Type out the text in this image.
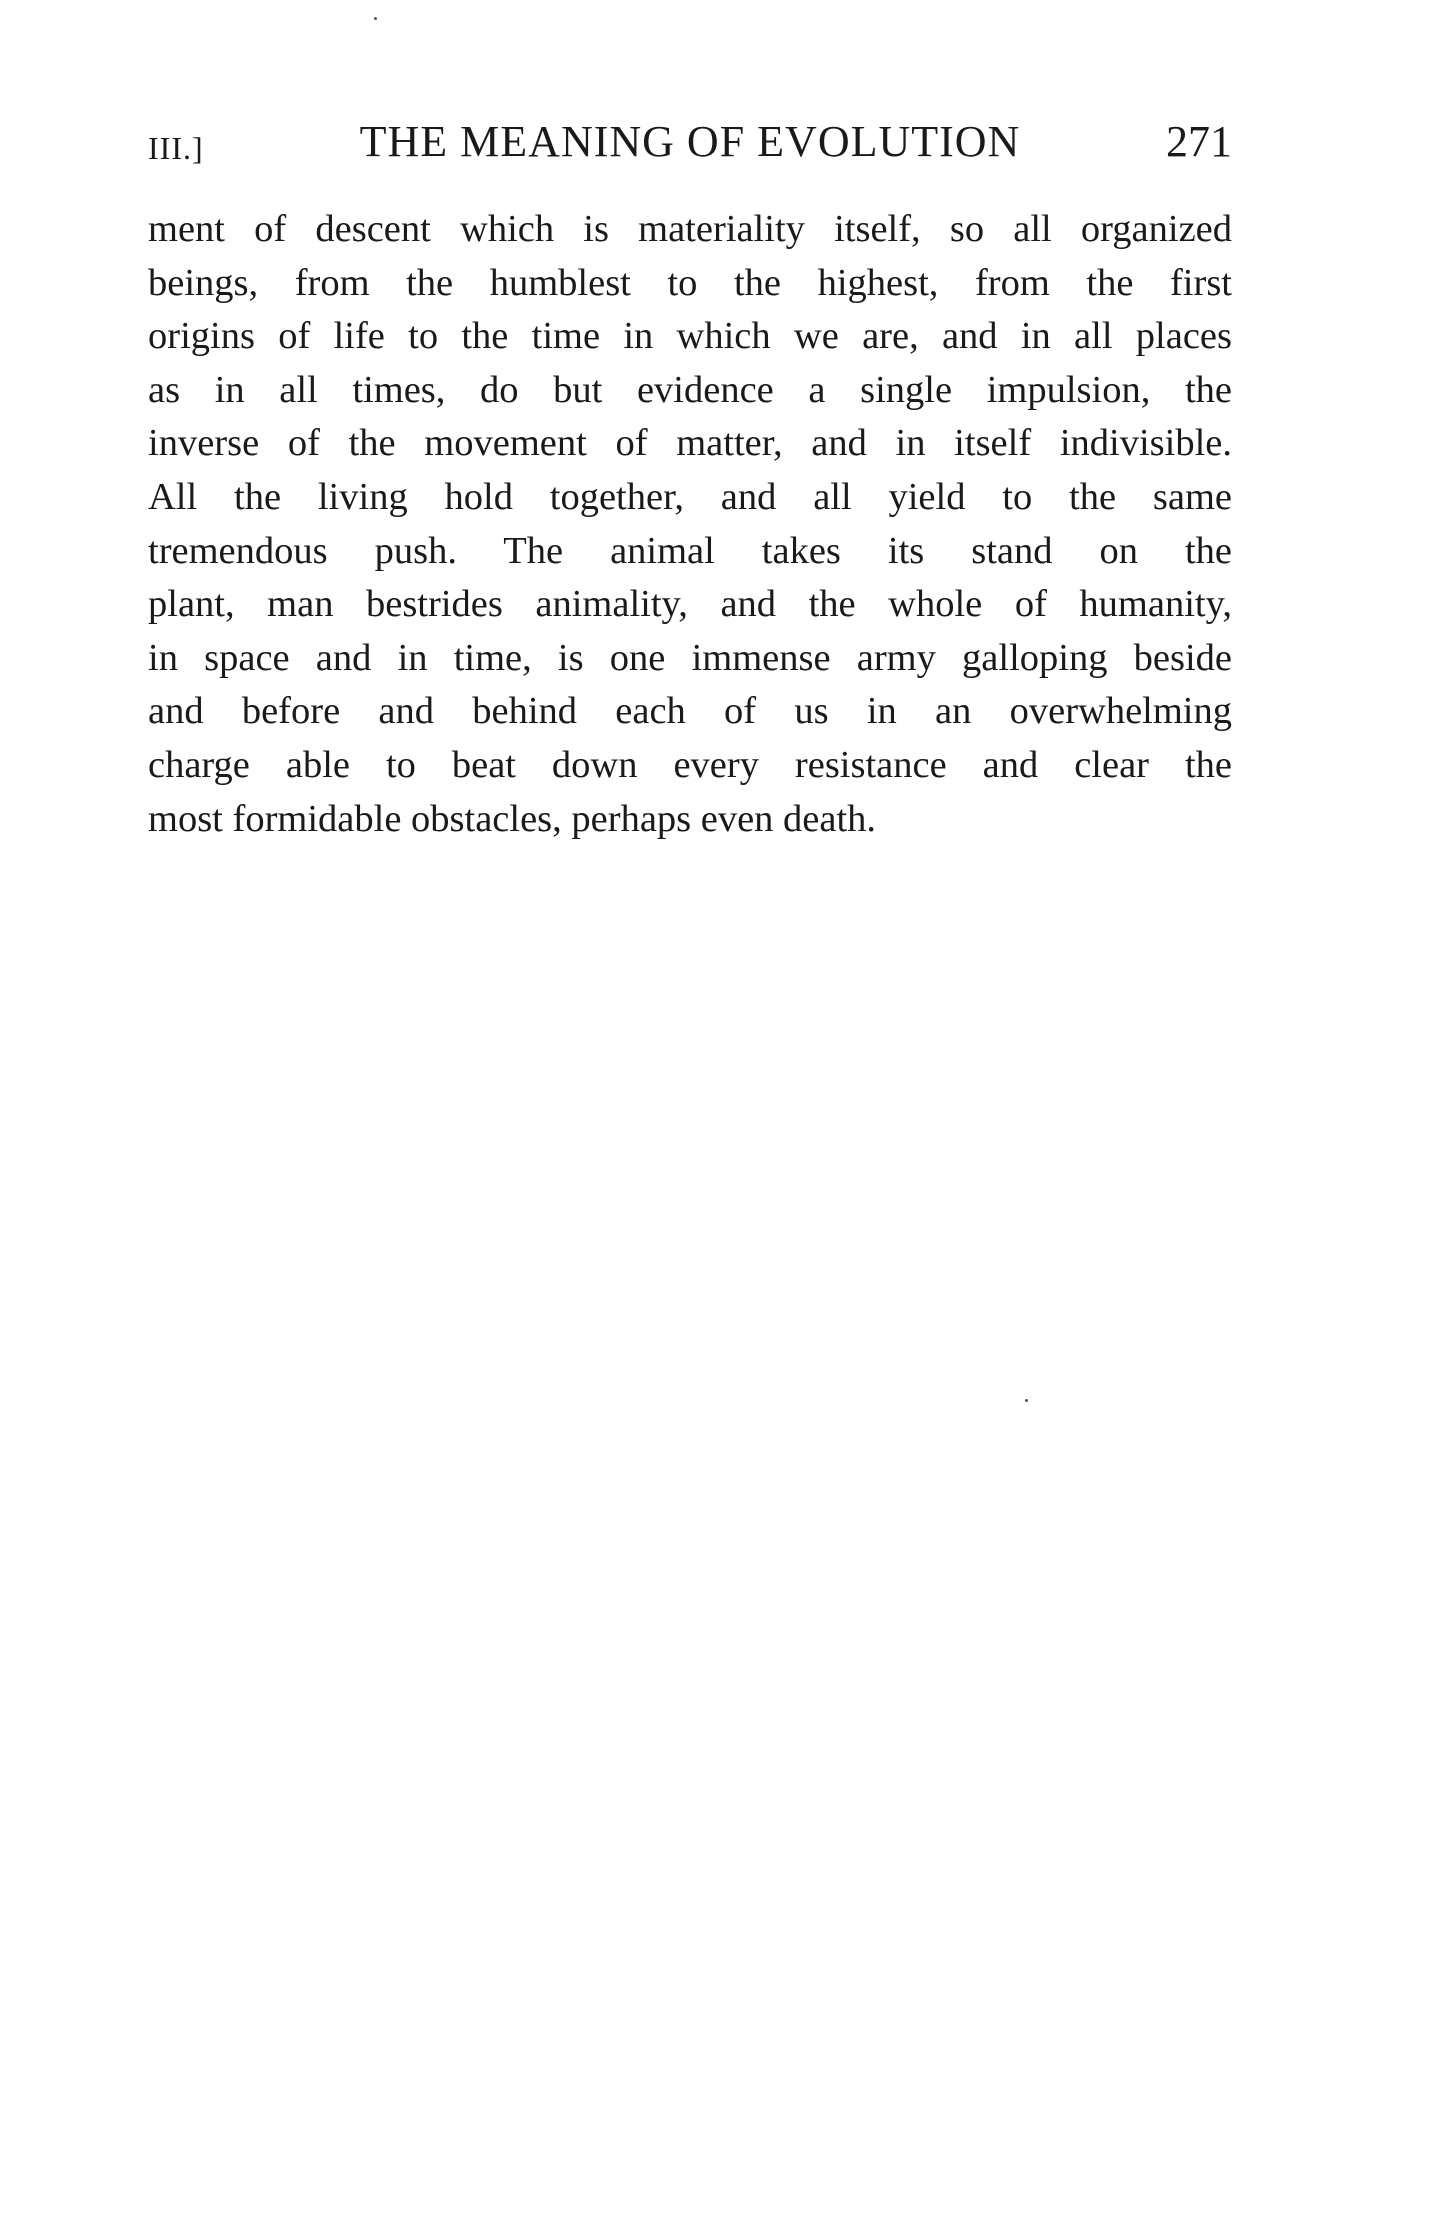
III.]	THE MEANING OF EVOLUTION	271

ment of descent which is materiality itself, so all organized
beings, from the humblest to the highest, from the first
origins of life to the time in which we are, and in all places
as in all times, do but evidence a single impulsion, the
inverse of the movement of matter, and in itself indivisible.
All the living hold together, and all yield to the same
tremendous push. The animal takes its stand on the
plant, man bestrides animality, and the whole of humanity,
in space and in time, is one immense army galloping beside
and before and behind each of us in an overwhelming
charge able to beat down every resistance and clear the
most formidable obstacles, perhaps even death.
